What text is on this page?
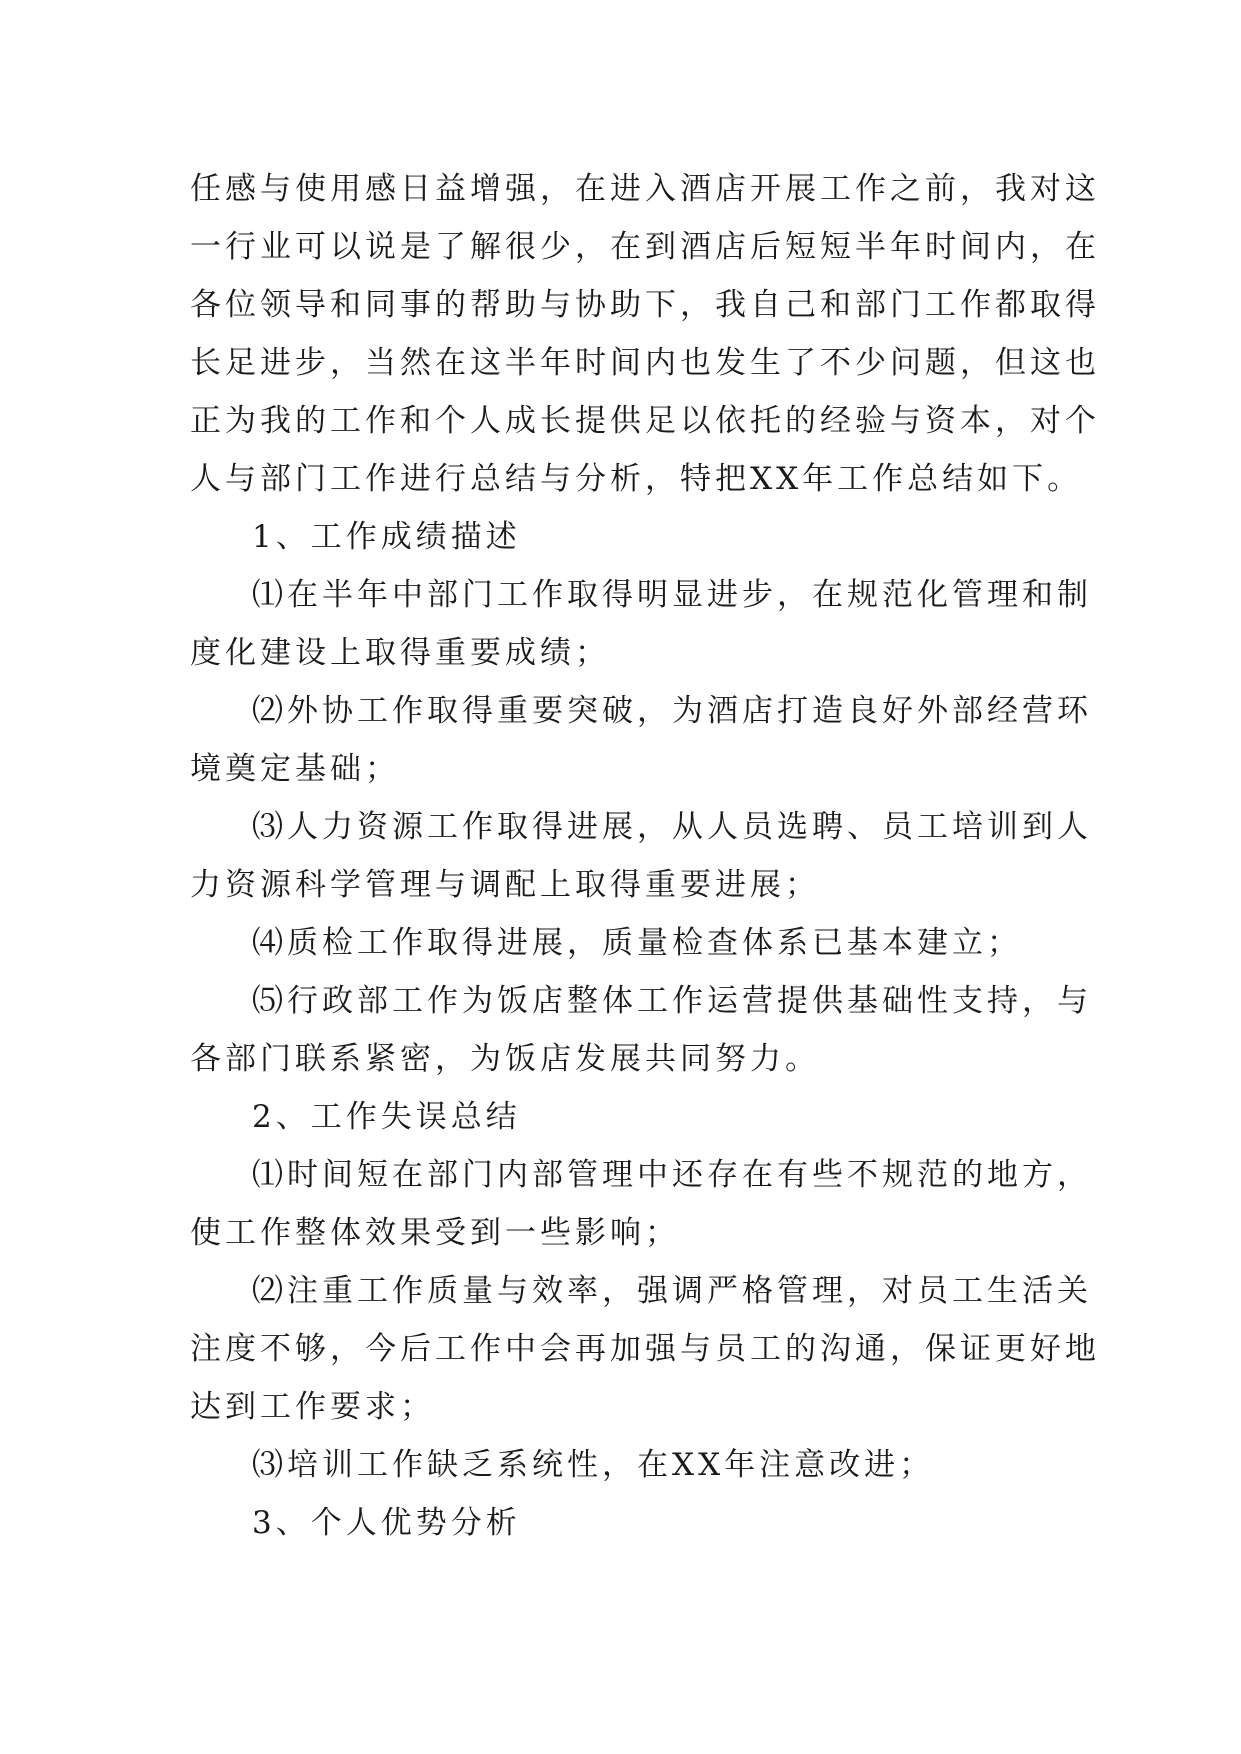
任感与使用感日益增强，在进入酒店开展工作之前，我对这
一行业可以说是了解很少，在到酒店后短短半年时间内，在
各位领导和同事的帮助与协助下，我自己和部门工作都取得
长足进步，当然在这半年时间内也发生了不少问题，但这也
正为我的工作和个人成长提供足以依托的经验与资本，对个
人与部门工作进行总结与分析，特把XX年工作总结如下。
1、工作成绩描述
⑴在半年中部门工作取得明显进步，在规范化管理和制
度化建设上取得重要成绩；
⑵外协工作取得重要突破，为酒店打造良好外部经营环
境奠定基础；
⑶人力资源工作取得进展，从人员选聘、员工培训到人
力资源科学管理与调配上取得重要进展；
⑷质检工作取得进展，质量检查体系已基本建立；
⑸行政部工作为饭店整体工作运营提供基础性支持，与
各部门联系紧密，为饭店发展共同努力。
2、工作失误总结
⑴时间短在部门内部管理中还存在有些不规范的地方，
使工作整体效果受到一些影响；
⑵注重工作质量与效率，强调严格管理，对员工生活关
注度不够，今后工作中会再加强与员工的沟通，保证更好地
达到工作要求；
⑶培训工作缺乏系统性，在XX年注意改进；
3、个人优势分析
